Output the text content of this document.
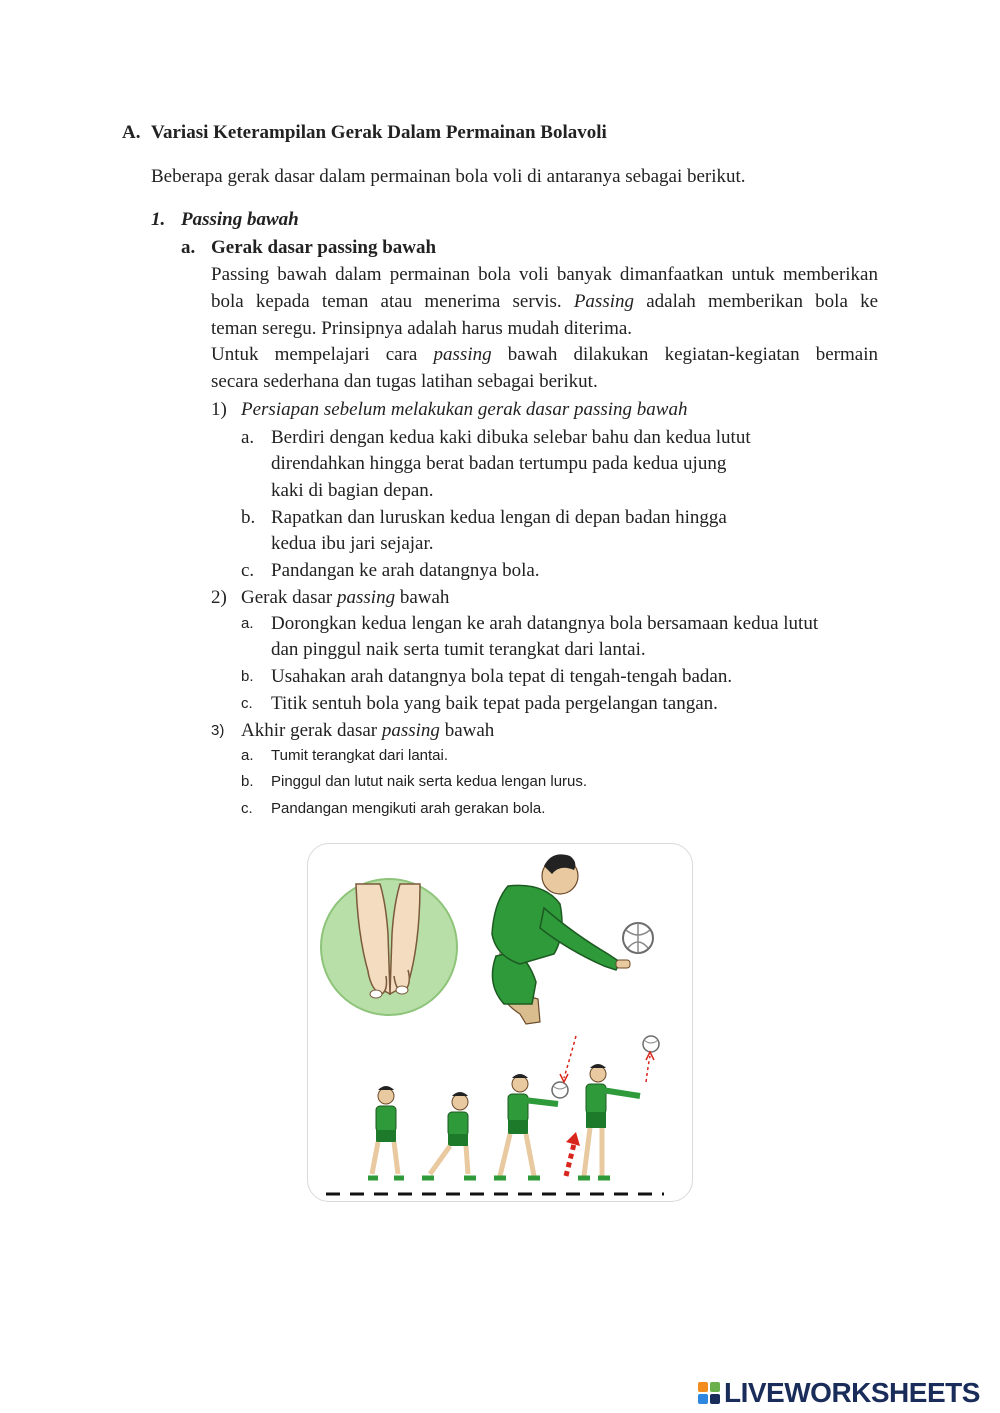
A. Variasi Keterampilan Gerak Dalam Permainan Bolavoli
Beberapa gerak dasar dalam permainan bola voli di antaranya sebagai berikut.
1. Passing bawah
a. Gerak dasar passing bawah
Passing bawah dalam permainan bola voli banyak dimanfaatkan untuk memberikan
bola kepada teman atau menerima servis. Passing adalah memberikan bola ke
teman seregu. Prinsipnya adalah harus mudah diterima.
Untuk mempelajari cara passing bawah dilakukan kegiatan-kegiatan bermain
secara sederhana dan tugas latihan sebagai berikut.
1) Persiapan sebelum melakukan gerak dasar passing bawah
a. Berdiri dengan kedua kaki dibuka selebar bahu dan kedua lutut
direndahkan hingga berat badan tertumpu pada kedua ujung
kaki di bagian depan.
b. Rapatkan dan luruskan kedua lengan di depan badan hingga
kedua ibu jari sejajar.
c. Pandangan ke arah datangnya bola.
2) Gerak dasar passing bawah
a. Dorongkan kedua lengan ke arah datangnya bola bersamaan kedua lutut
dan pinggul naik serta tumit terangkat dari lantai.
b. Usahakan arah datangnya bola tepat di tengah-tengah badan.
c. Titik sentuh bola yang baik tepat pada pergelangan tangan.
3) Akhir gerak dasar passing bawah
a. Tumit terangkat dari lantai.
b. Pinggul dan lutut naik serta kedua lengan lurus.
c. Pandangan mengikuti arah gerakan bola.
LIVEWORKSHEETS
